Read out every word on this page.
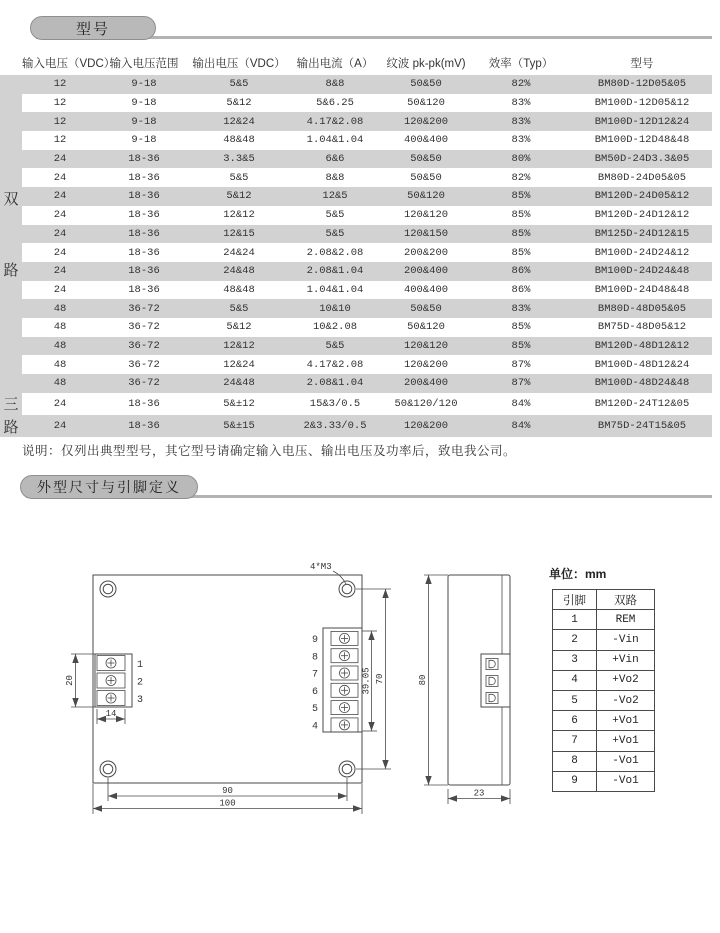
型号
	输入电压（VDC）	输入电压范围	输出电压（VDC）	输出电流（A）	纹波 pk-pk(mV)	效率（Typ）	型号

双
路	12	9-18	5&5	8&8	50&50	82%	BM80D-12D05&05
	12	9-18	5&12	5&6.25	50&120	83%	BM100D-12D05&12
	12	9-18	12&24	4.17&2.08	120&200	83%	BM100D-12D12&24
	12	9-18	48&48	1.04&1.04	400&400	83%	BM100D-12D48&48
	24	18-36	3.3&5	6&6	50&50	80%	BM50D-24D3.3&05
	24	18-36	5&5	8&8	50&50	82%	BM80D-24D05&05
	24	18-36	5&12	12&5	50&120	85%	BM120D-24D05&12
	24	18-36	12&12	5&5	120&120	85%	BM120D-24D12&12
	24	18-36	12&15	5&5	120&150	85%	BM125D-24D12&15
	24	18-36	24&24	2.08&2.08	200&200	85%	BM100D-24D24&12
	24	18-36	24&48	2.08&1.04	200&400	86%	BM100D-24D24&48
	24	18-36	48&48	1.04&1.04	400&400	86%	BM100D-24D48&48
	48	36-72	5&5	10&10	50&50	83%	BM80D-48D05&05
	48	36-72	5&12	10&2.08	50&120	85%	BM75D-48D05&12
	48	36-72	12&12	5&5	120&120	85%	BM120D-48D12&12
	48	36-72	12&24	4.17&2.08	120&200	87%	BM100D-48D12&24
	48	36-72	24&48	2.08&1.04	200&400	87%	BM100D-48D24&48

三
路	24	18-36	5&±12	15&3/0.5	50&120/120	84%	BM120D-24T12&05
	24	18-36	5&±15	2&3.33/0.5	120&200	84%	BM75D-24T15&05
说明：仅列出典型型号，其它型号请确定输入电压、输出电压及功率后，致电我公司。
外型尺寸与引脚定义
4*M3
1
2
3
9
8
7
6
5
4
20
14
39.05 70
90
100
80
23
单位：mm
引脚	双路
1	REM
2	-Vin
3	+Vin
4	+Vo2
5	-Vo2
6	+Vo1
7	+Vo1
8	-Vo1
9	-Vo1
